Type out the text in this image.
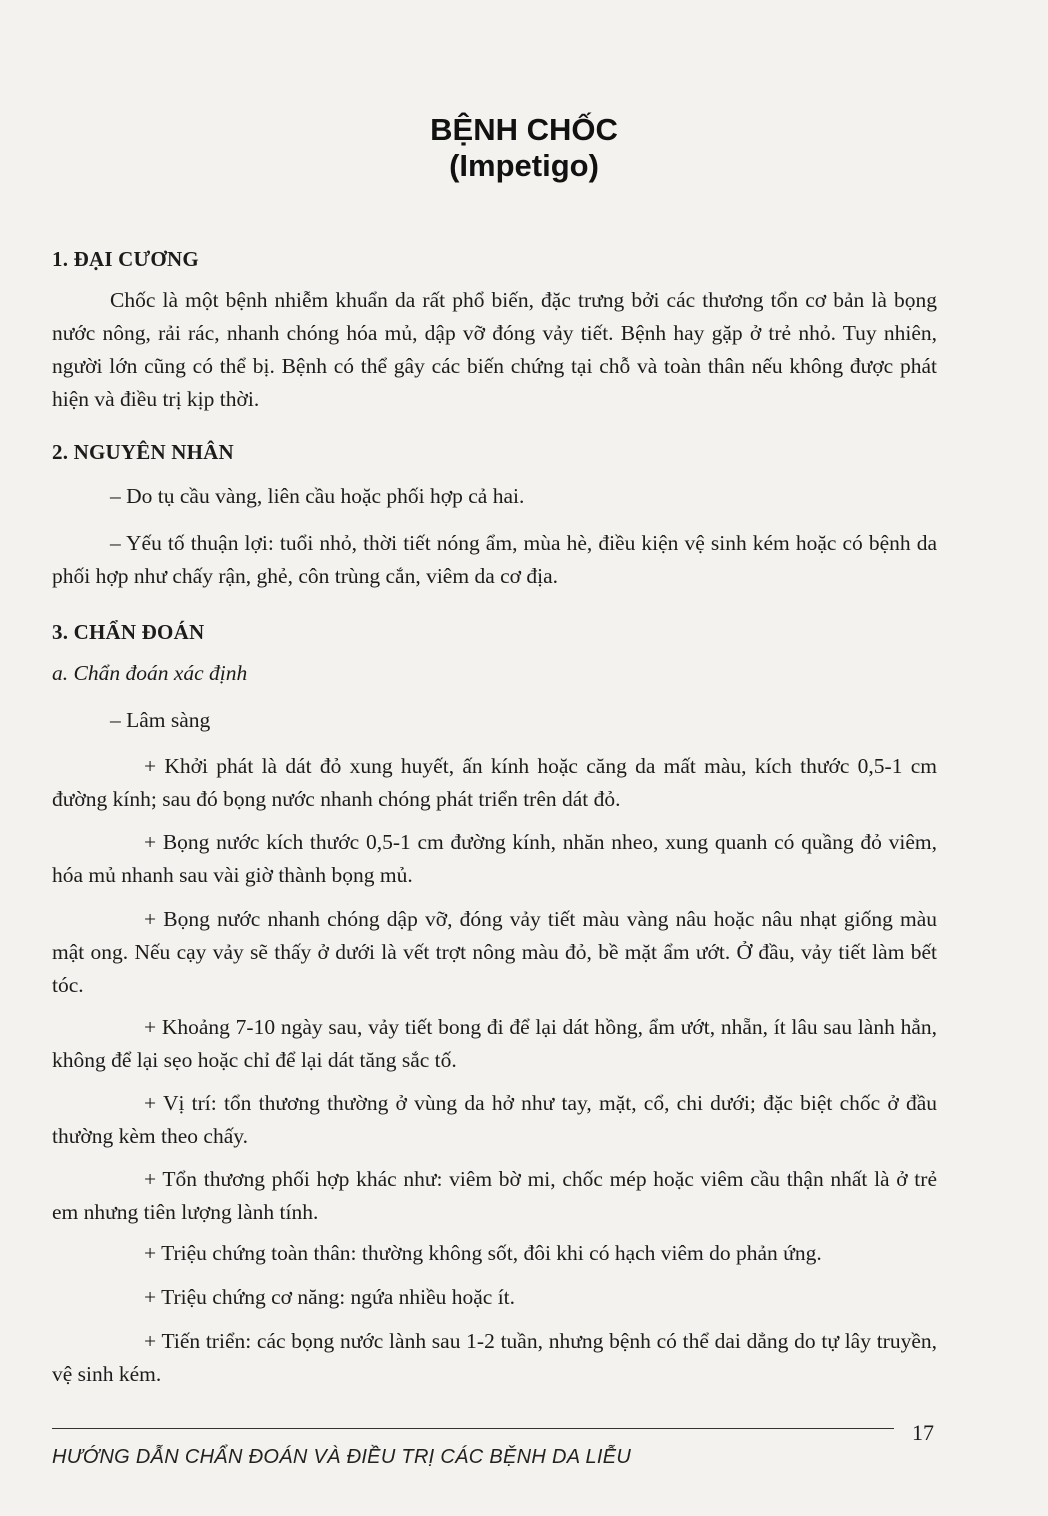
BỆNH CHỐC
(Impetigo)
1. ĐẠI CƯƠNG
Chốc là một bệnh nhiễm khuẩn da rất phổ biến, đặc trưng bởi các thương tổn cơ bản là bọng nước nông, rải rác, nhanh chóng hóa mủ, dập vỡ đóng vảy tiết. Bệnh hay gặp ở trẻ nhỏ. Tuy nhiên, người lớn cũng có thể bị. Bệnh có thể gây các biến chứng tại chỗ và toàn thân nếu không được phát hiện và điều trị kịp thời.
2. NGUYÊN NHÂN
– Do tụ cầu vàng, liên cầu hoặc phối hợp cả hai.
– Yếu tố thuận lợi: tuổi nhỏ, thời tiết nóng ẩm, mùa hè, điều kiện vệ sinh kém hoặc có bệnh da phối hợp như chấy rận, ghẻ, côn trùng cắn, viêm da cơ địa.
3. CHẨN ĐOÁN
a. Chẩn đoán xác định
– Lâm sàng
+ Khởi phát là dát đỏ xung huyết, ấn kính hoặc căng da mất màu, kích thước 0,5-1 cm đường kính; sau đó bọng nước nhanh chóng phát triển trên dát đỏ.
+ Bọng nước kích thước 0,5-1 cm đường kính, nhăn nheo, xung quanh có quầng đỏ viêm, hóa mủ nhanh sau vài giờ thành bọng mủ.
+ Bọng nước nhanh chóng dập vỡ, đóng vảy tiết màu vàng nâu hoặc nâu nhạt giống màu mật ong. Nếu cạy vảy sẽ thấy ở dưới là vết trợt nông màu đỏ, bề mặt ẩm ướt. Ở đầu, vảy tiết làm bết tóc.
+ Khoảng 7-10 ngày sau, vảy tiết bong đi để lại dát hồng, ẩm ướt, nhẵn, ít lâu sau lành hẳn, không để lại sẹo hoặc chỉ để lại dát tăng sắc tố.
+ Vị trí: tổn thương thường ở vùng da hở như tay, mặt, cổ, chi dưới; đặc biệt chốc ở đầu thường kèm theo chấy.
+ Tổn thương phối hợp khác như: viêm bờ mi, chốc mép hoặc viêm cầu thận nhất là ở trẻ em nhưng tiên lượng lành tính.
+ Triệu chứng toàn thân: thường không sốt, đôi khi có hạch viêm do phản ứng.
+ Triệu chứng cơ năng: ngứa nhiều hoặc ít.
+ Tiến triển: các bọng nước lành sau 1-2 tuần, nhưng bệnh có thể dai dẳng do tự lây truyền, vệ sinh kém.
17
HƯỚNG DẪN CHẨN ĐOÁN VÀ ĐIỀU TRỊ CÁC BỆNH DA LIỄU
